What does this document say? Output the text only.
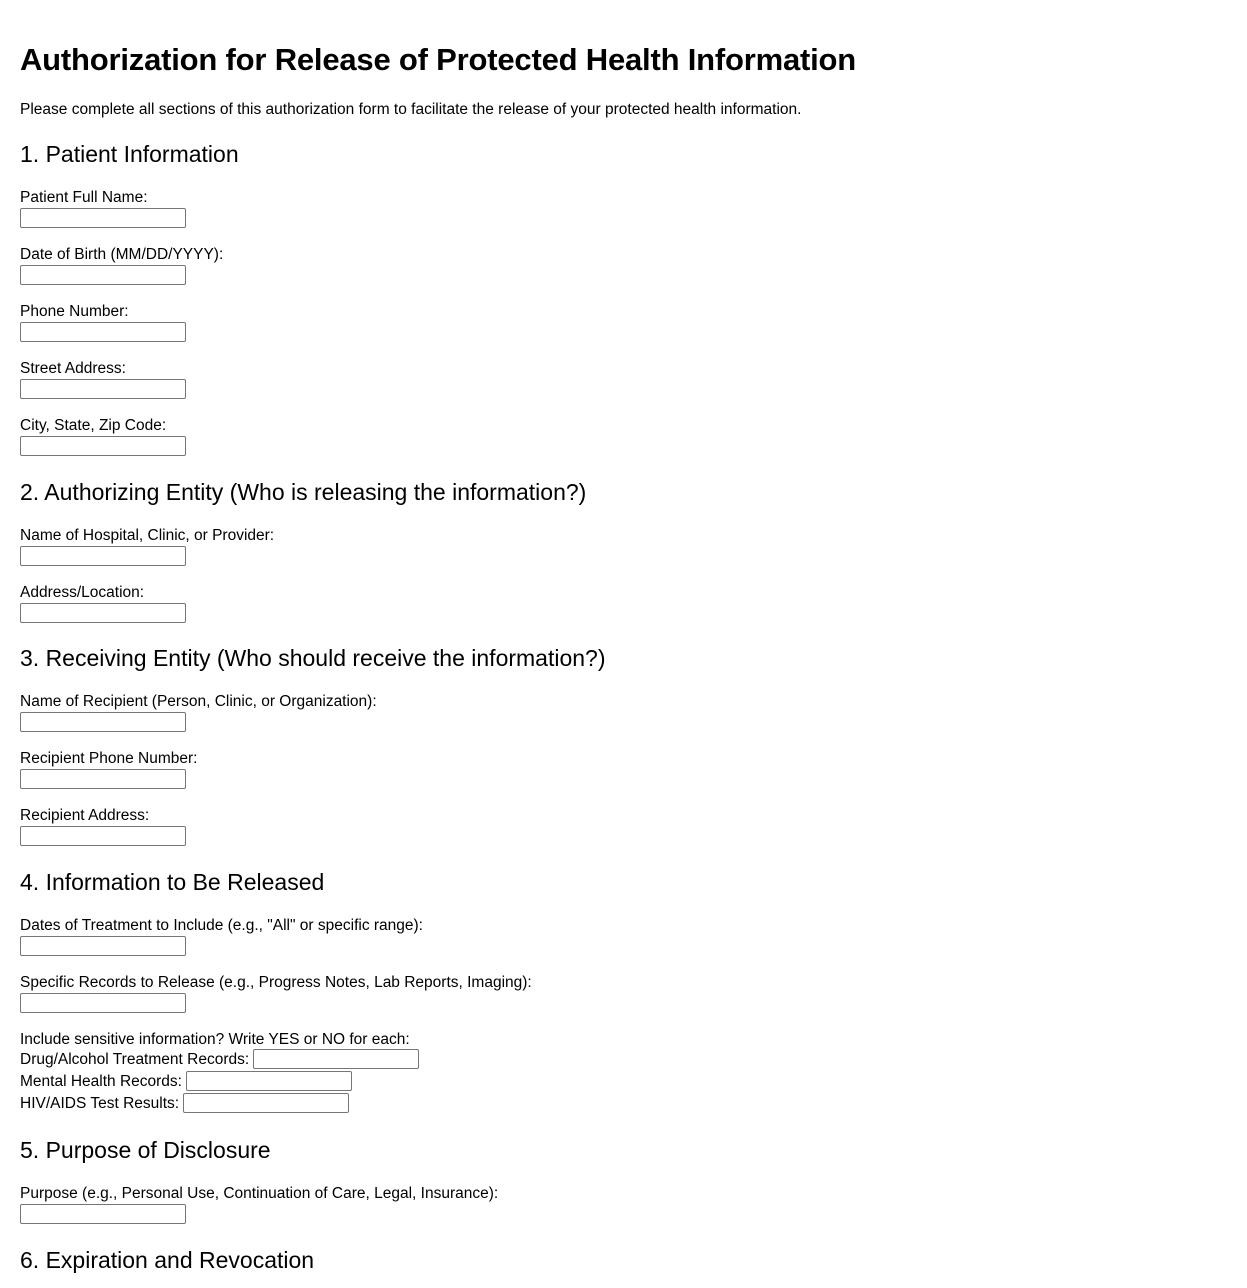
Authorization for Release of Protected Health Information

Please complete all sections of this authorization form to facilitate the release of your protected health information.

1. Patient Information
Patient Full Name:
Date of Birth (MM/DD/YYYY):
Phone Number:
Street Address:
City, State, Zip Code:
2. Authorizing Entity (Who is releasing the information?)
Name of Hospital, Clinic, or Provider:
Address/Location:
3. Receiving Entity (Who should receive the information?)
Name of Recipient (Person, Clinic, or Organization):
Recipient Phone Number:
Recipient Address:
4. Information to Be Released
Dates of Treatment to Include (e.g., "All" or specific range):
Specific Records to Release (e.g., Progress Notes, Lab Reports, Imaging):
Include sensitive information? Write YES or NO for each:
Drug/Alcohol Treatment Records:
Mental Health Records:
HIV/AIDS Test Results:
5. Purpose of Disclosure
Purpose (e.g., Personal Use, Continuation of Care, Legal, Insurance):
6. Expiration and Revocation
